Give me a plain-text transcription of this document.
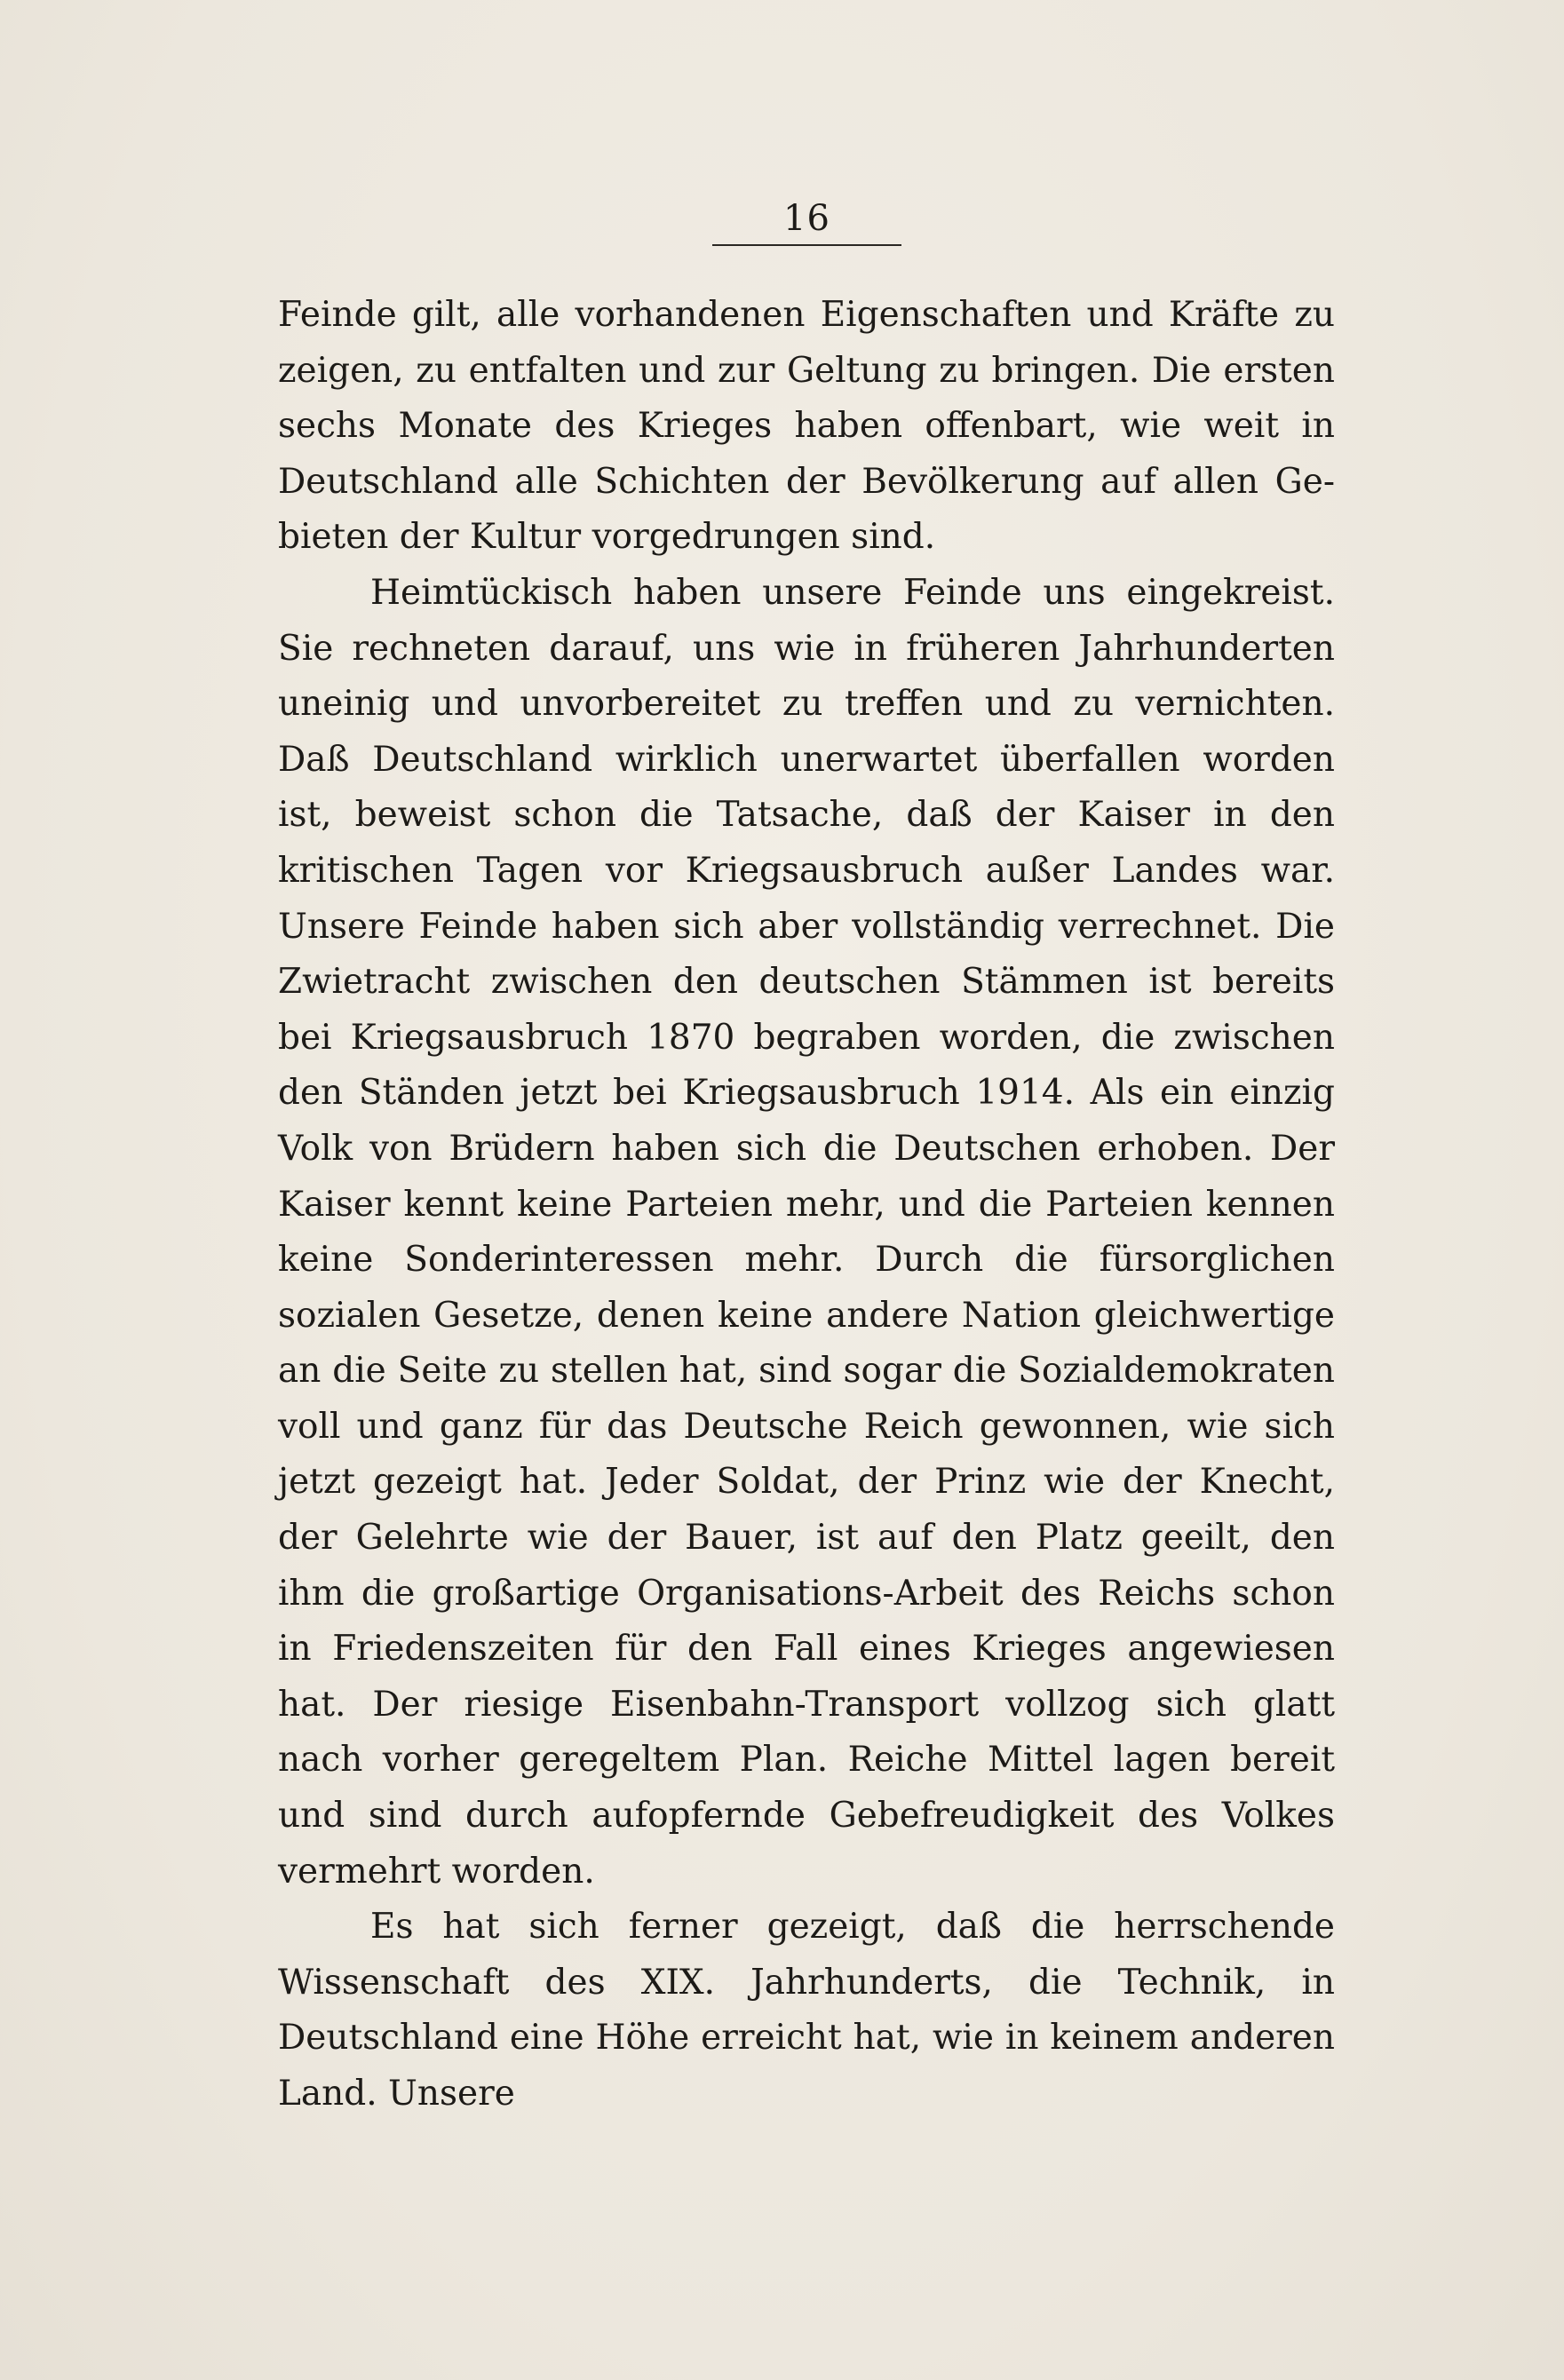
16

Feinde gilt, alle vorhandenen Eigenschaften und Kräfte zu zeigen, zu entfalten und zur Geltung zu bringen. Die ersten sechs Monate des Krieges haben offenbart, wie weit in Deutschland alle Schichten der Bevölkerung auf allen Gebieten der Kultur vorgedrungen sind.

Heimtückisch haben unsere Feinde uns eingekreist. Sie rechneten darauf, uns wie in früheren Jahrhunderten uneinig und unvorbereitet zu treffen und zu vernichten. Daß Deutschland wirklich unerwartet überfallen worden ist, beweist schon die Tatsache, daß der Kaiser in den kritischen Tagen vor Kriegsausbruch außer Landes war. Unsere Feinde haben sich aber vollständig verrechnet. Die Zwietracht zwischen den deutschen Stämmen ist bereits bei Kriegsausbruch 1870 begraben worden, die zwischen den Ständen jetzt bei Kriegsausbruch 1914. Als ein einzig Volk von Brüdern haben sich die Deutschen erhoben. Der Kaiser kennt keine Parteien mehr, und die Parteien kennen keine Sonderinteressen mehr. Durch die fürsorglichen sozialen Gesetze, denen keine andere Nation gleichwertige an die Seite zu stellen hat, sind sogar die Sozialdemokraten voll und ganz für das Deutsche Reich gewonnen, wie sich jetzt gezeigt hat. Jeder Soldat, der Prinz wie der Knecht, der Gelehrte wie der Bauer, ist auf den Platz geeilt, den ihm die großartige Organisations-Arbeit des Reichs schon in Friedenszeiten für den Fall eines Krieges angewiesen hat. Der riesige Eisenbahn-Transport vollzog sich glatt nach vorher geregeltem Plan. Reiche Mittel lagen bereit und sind durch aufopfernde Gebefreudigkeit des Volkes vermehrt worden.

Es hat sich ferner gezeigt, daß die herrschende Wissenschaft des XIX. Jahrhunderts, die Technik, in Deutschland eine Höhe erreicht hat, wie in keinem anderen Land. Unsere
